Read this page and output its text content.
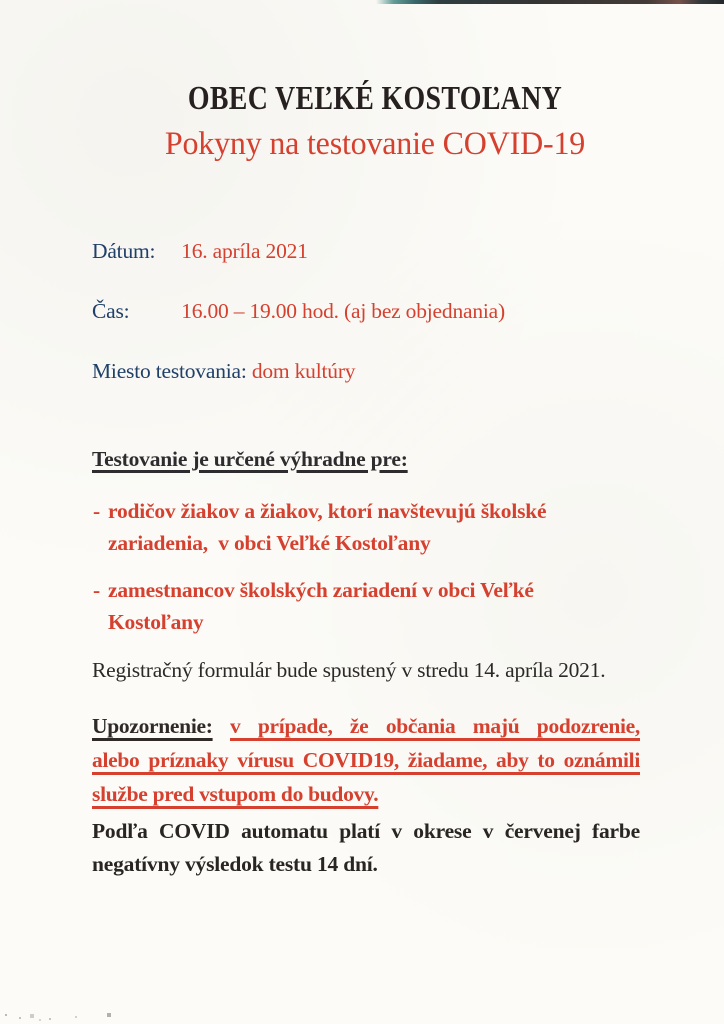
OBEC VEĽKÉ KOSTOĽANY
Pokyny na testovanie COVID-19
Dátum: 16. apríla 2021
Čas: 16.00 – 19.00 hod. (aj bez objednania)
Miesto testovania: dom kultúry
Testovanie je určené výhradne pre:
- rodičov žiakov a žiakov, ktorí navštevujú školské
zariadenia,  v obci Veľké Kostoľany
- zamestnancov školských zariadení v obci Veľké
Kostoľany

Registračný formulár bude spustený v stredu 14. apríla 2021.

Upozornenie: v prípade, že občania majú podozrenie,
alebo príznaky vírusu COVID19, žiadame, aby to oznámili
službe pred vstupom do budovy.
Podľa COVID automatu platí v okrese v červenej farbe
negatívny výsledok testu 14 dní.
